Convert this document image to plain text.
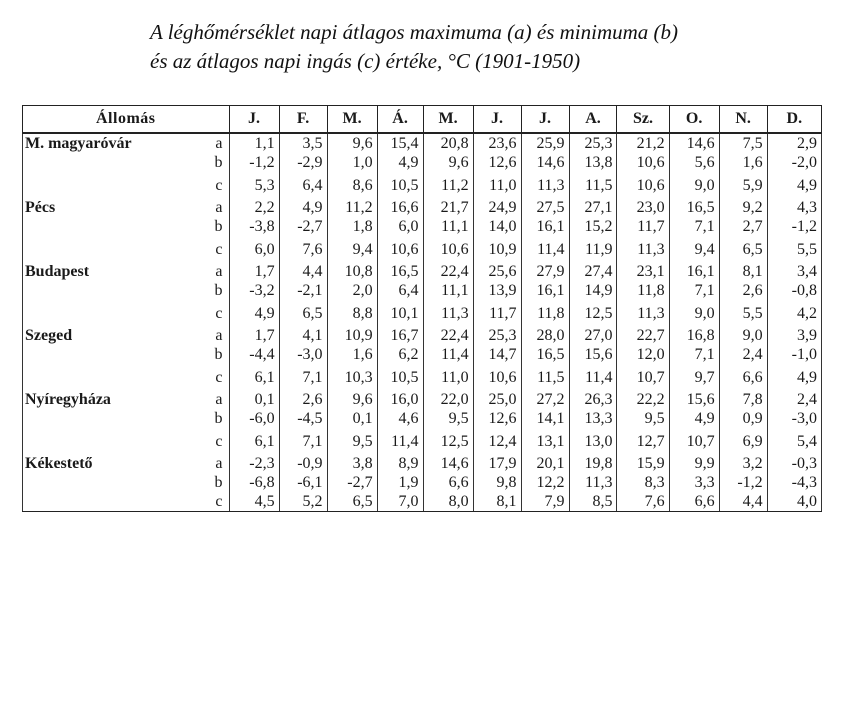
A léghőmérséklet napi átlagos maximuma (a) és minimuma (b)
és az átlagos napi ingás (c) értéke, °C (1901-1950)
Állomás		J.	F.	M.	Á.	M.	J.	J.	A.	Sz.	O.	N.	D.
M. magyaróvár	a	1,1	3,5	9,6	15,4	20,8	23,6	25,9	25,3	21,2	14,6	7,5	2,9
	b	-1,2	-2,9	1,0	4,9	9,6	12,6	14,6	13,8	10,6	5,6	1,6	-2,0
	c	5,3	6,4	8,6	10,5	11,2	11,0	11,3	11,5	10,6	9,0	5,9	4,9
Pécs	a	2,2	4,9	11,2	16,6	21,7	24,9	27,5	27,1	23,0	16,5	9,2	4,3
	b	-3,8	-2,7	1,8	6,0	11,1	14,0	16,1	15,2	11,7	7,1	2,7	-1,2
	c	6,0	7,6	9,4	10,6	10,6	10,9	11,4	11,9	11,3	9,4	6,5	5,5
Budapest	a	1,7	4,4	10,8	16,5	22,4	25,6	27,9	27,4	23,1	16,1	8,1	3,4
	b	-3,2	-2,1	2,0	6,4	11,1	13,9	16,1	14,9	11,8	7,1	2,6	-0,8
	c	4,9	6,5	8,8	10,1	11,3	11,7	11,8	12,5	11,3	9,0	5,5	4,2
Szeged	a	1,7	4,1	10,9	16,7	22,4	25,3	28,0	27,0	22,7	16,8	9,0	3,9
	b	-4,4	-3,0	1,6	6,2	11,4	14,7	16,5	15,6	12,0	7,1	2,4	-1,0
	c	6,1	7,1	10,3	10,5	11,0	10,6	11,5	11,4	10,7	9,7	6,6	4,9
Nyíregyháza	a	0,1	2,6	9,6	16,0	22,0	25,0	27,2	26,3	22,2	15,6	7,8	2,4
	b	-6,0	-4,5	0,1	4,6	9,5	12,6	14,1	13,3	9,5	4,9	0,9	-3,0
	c	6,1	7,1	9,5	11,4	12,5	12,4	13,1	13,0	12,7	10,7	6,9	5,4
Kékestető	a	-2,3	-0,9	3,8	8,9	14,6	17,9	20,1	19,8	15,9	9,9	3,2	-0,3
	b	-6,8	-6,1	-2,7	1,9	6,6	9,8	12,2	11,3	8,3	3,3	-1,2	-4,3
	c	4,5	5,2	6,5	7,0	8,0	8,1	7,9	8,5	7,6	6,6	4,4	4,0
